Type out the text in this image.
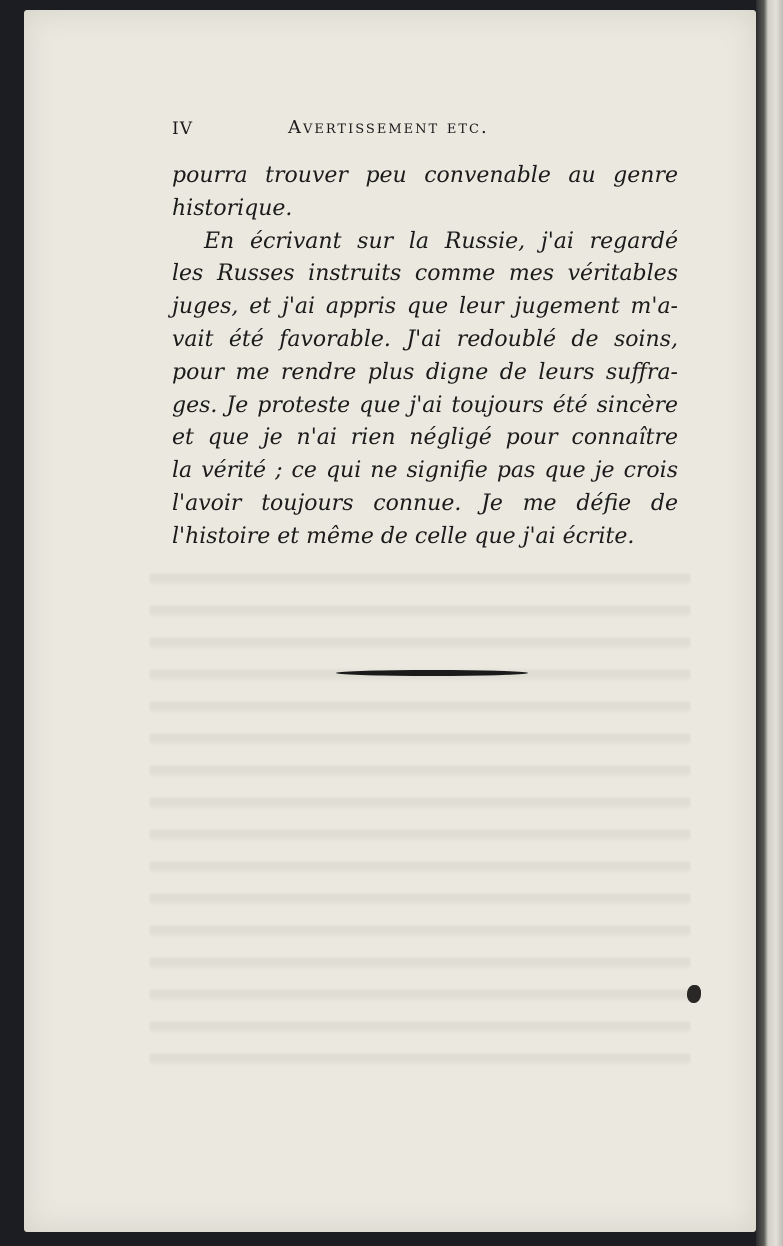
IV	Avertissement etc.
pourra trouver peu convenable au genre
historique.
En écrivant sur la Russie, j'ai regardé
les Russes instruits comme mes véritables
juges, et j'ai appris que leur jugement m'a-
vait été favorable. J'ai redoublé de soins,
pour me rendre plus digne de leurs suffra-
ges. Je proteste que j'ai toujours été sincère
et que je n'ai rien négligé pour connaître
la vérité ; ce qui ne signifie pas que je crois
l'avoir toujours connue. Je me défie de
l'histoire et même de celle que j'ai écrite.
